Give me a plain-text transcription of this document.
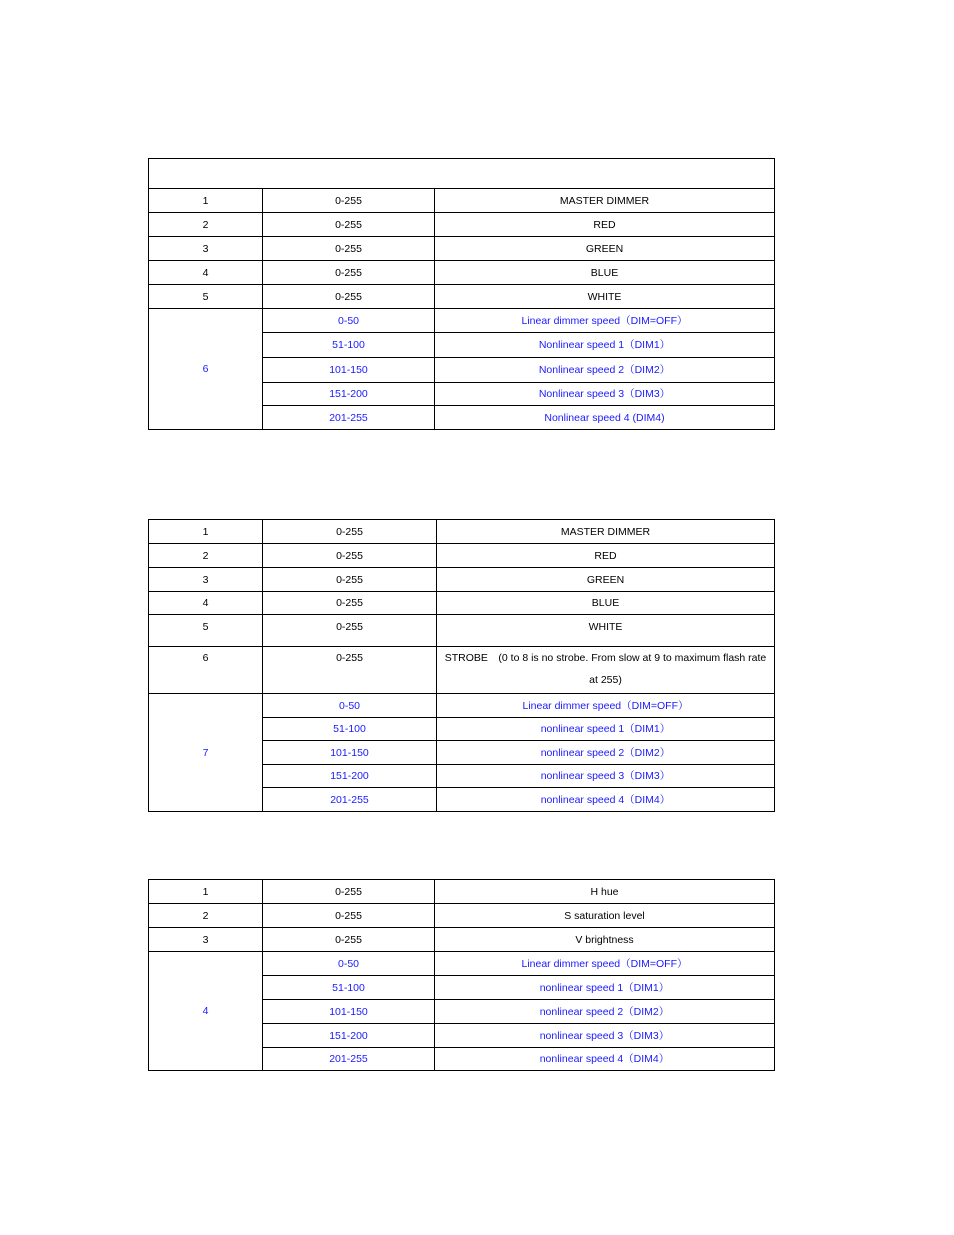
1	0-255	MASTER DIMMER
2	0-255	RED
3	0-255	GREEN
4	0-255	BLUE
5	0-255	WHITE
6	0-50	Linear dimmer speed（DIM=OFF）
	51-100	Nonlinear speed 1（DIM1）
	101-150	Nonlinear speed 2（DIM2）
	151-200	Nonlinear speed 3（DIM3）
	201-255	Nonlinear speed 4 (DIM4)
1	0-255	MASTER DIMMER
2	0-255	RED
3	0-255	GREEN
4	0-255	BLUE
5	0-255	WHITE
6	0-255	STROBE　(0 to 8 is no strobe. From slow at 9 to maximum flash rate at 255)
7	0-50	Linear dimmer speed（DIM=OFF）
	51-100	nonlinear speed 1（DIM1）
	101-150	nonlinear speed 2（DIM2）
	151-200	nonlinear speed 3（DIM3）
	201-255	nonlinear speed 4（DIM4）
1	0-255	H hue
2	0-255	S saturation level
3	0-255	V brightness
4	0-50	Linear dimmer speed（DIM=OFF）
	51-100	nonlinear speed 1（DIM1）
	101-150	nonlinear speed 2（DIM2）
	151-200	nonlinear speed 3（DIM3）
	201-255	nonlinear speed 4（DIM4）
